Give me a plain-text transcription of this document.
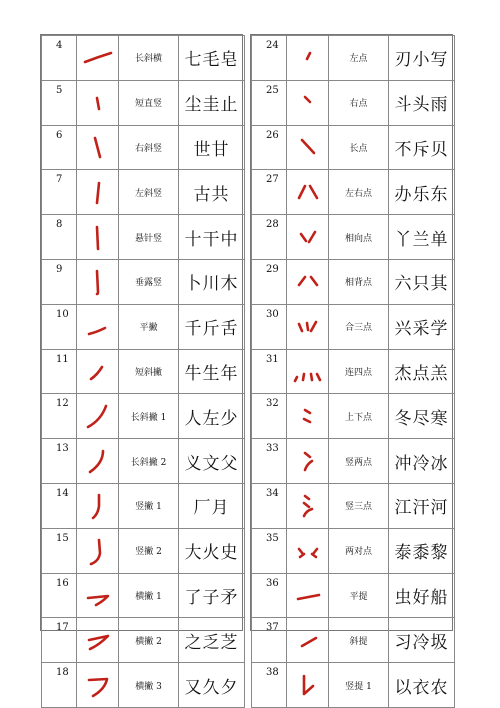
4		长斜横	七毛皂
5		短直竖	尘圭止
6		右斜竖	世甘
7		左斜竖	古共
8		悬针竖	十干中
9		垂露竖	卜川木
10		平撇	千斤舌
11		短斜撇	牛生年
12		长斜撇 1	人左少
13		长斜撇 2	义文父
14		竖撇 1	厂月
15		竖撇 2	大火史
16		横撇 1	了子矛
17		横撇 2	之乏芝
18		横撇 3	又久夕
24		左点	刃小写
25		右点	斗头雨
26		长点	不斥贝
27		左右点	办乐东
28		相向点	丫兰单
29		相背点	六只其
30		合三点	兴采学
31		连四点	杰点羔
32		上下点	冬尽寒
33		竖两点	冲冷冰
34		竖三点	江汗河
35		两对点	泰黍黎
36		平提	虫好船
37		斜提	习冷圾
38		竖提 1	以衣农
